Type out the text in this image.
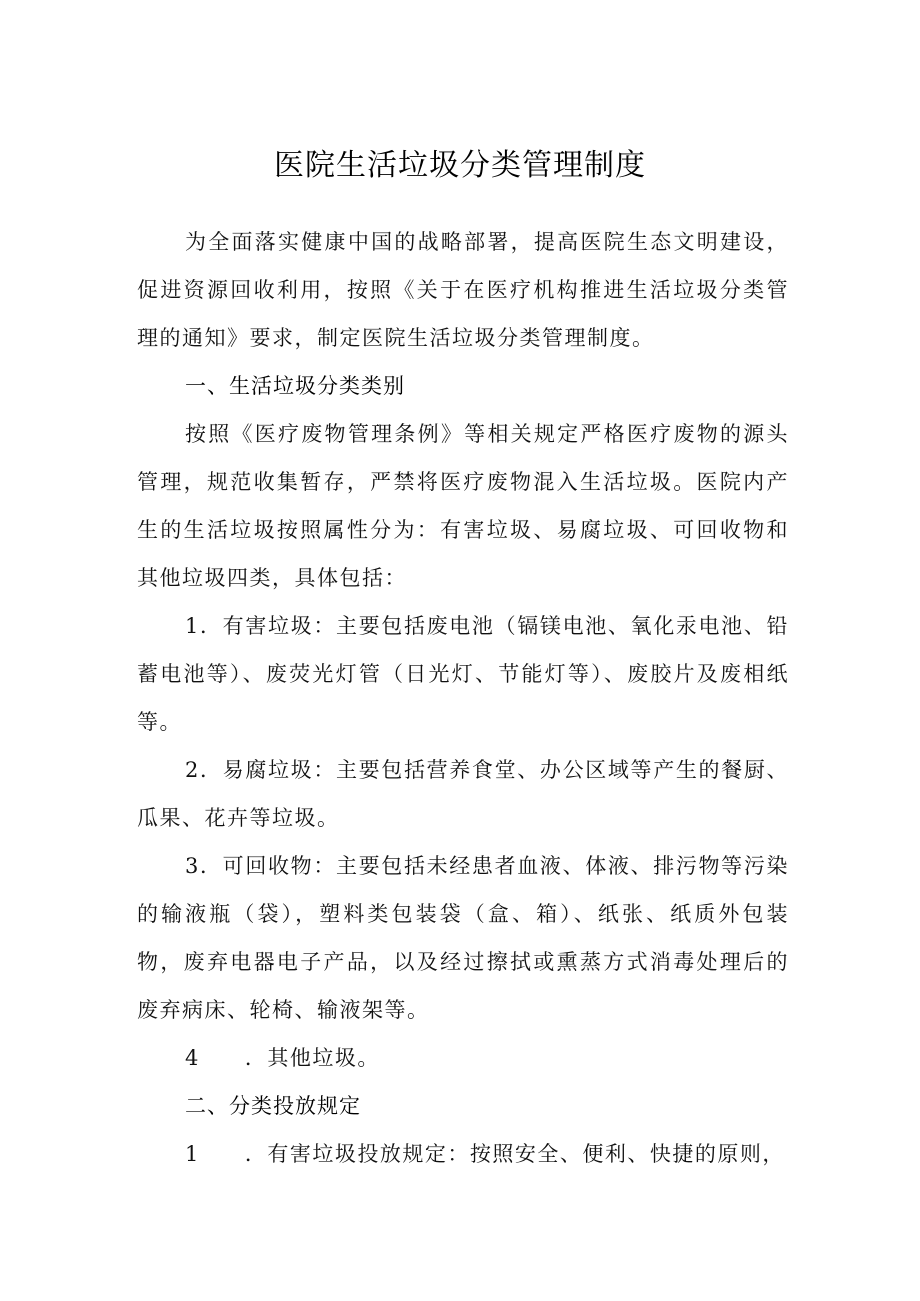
医院生活垃圾分类管理制度

为全面落实健康中国的战略部署，提高医院生态文明建设，促进资源回收利用，按照《关于在医疗机构推进生活垃圾分类管理的通知》要求，制定医院生活垃圾分类管理制度。

一、生活垃圾分类类别

按照《医疗废物管理条例》等相关规定严格医疗废物的源头管理，规范收集暂存，严禁将医疗废物混入生活垃圾。医院内产生的生活垃圾按照属性分为：有害垃圾、易腐垃圾、可回收物和其他垃圾四类，具体包括：

1．有害垃圾：主要包括废电池（镉镁电池、氧化汞电池、铅蓄电池等）、废荧光灯管（日光灯、节能灯等）、废胶片及废相纸等。

2．易腐垃圾：主要包括营养食堂、办公区域等产生的餐厨、瓜果、花卉等垃圾。

3．可回收物：主要包括未经患者血液、体液、排污物等污染的输液瓶（袋），塑料类包装袋（盒、箱）、纸张、纸质外包装物，废弃电器电子产品，以及经过擦拭或熏蒸方式消毒处理后的废弃病床、轮椅、输液架等。

4　　．其他垃圾。

二、分类投放规定

1　　．有害垃圾投放规定：按照安全、便利、快捷的原则，
